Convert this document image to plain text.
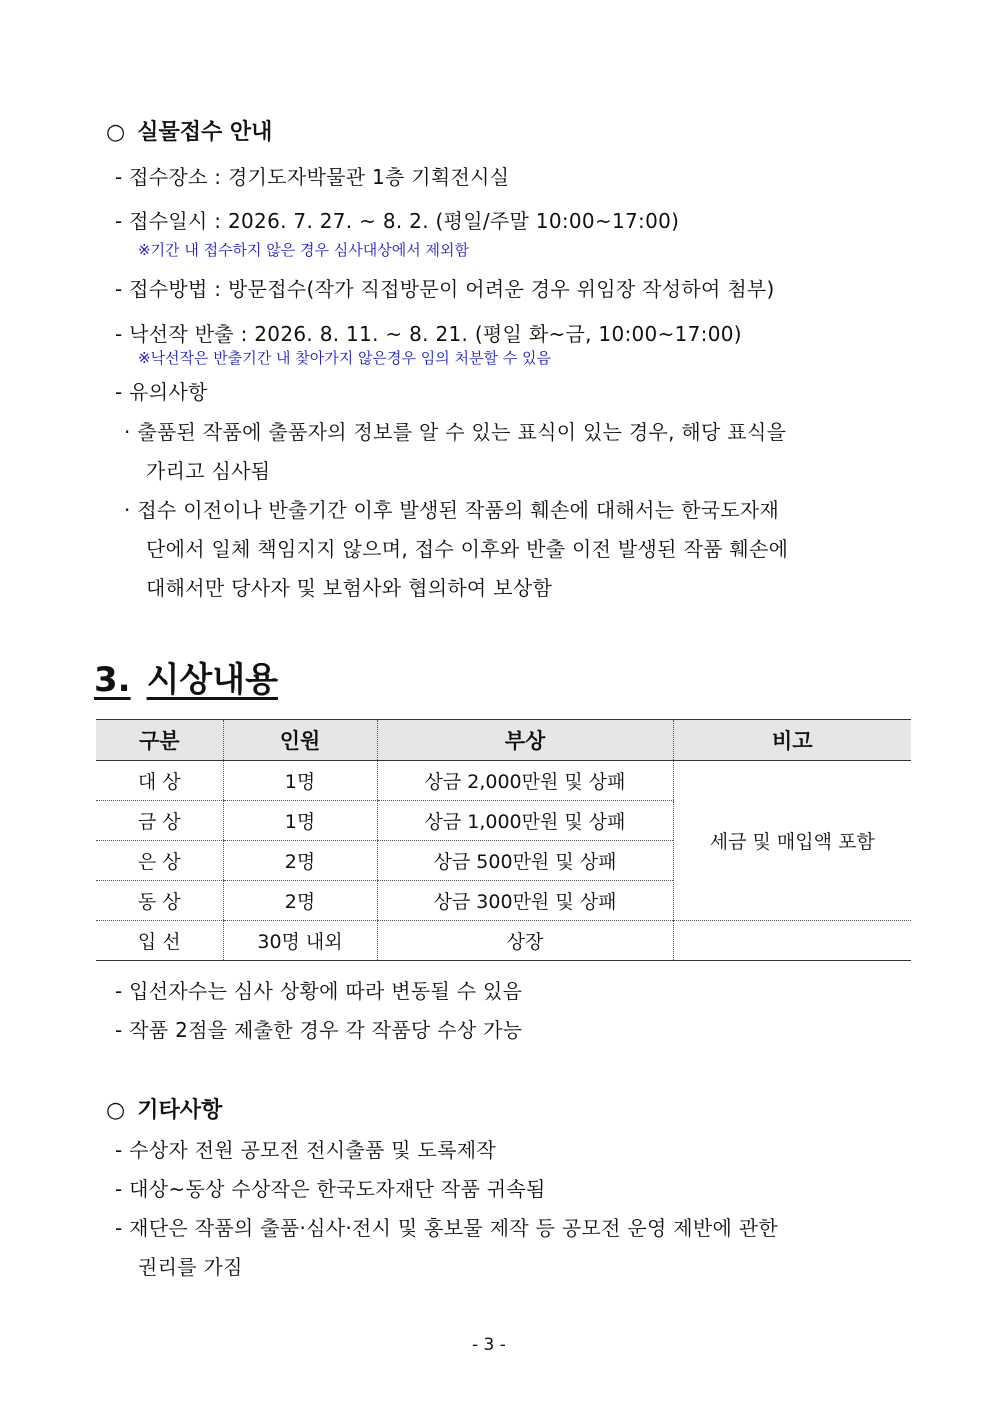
○ 실물접수 안내
- 접수장소 : 경기도자박물관 1층 기획전시실
- 접수일시 : 2026. 7. 27. ~ 8. 2. (평일/주말 10:00~17:00)
※기간 내 접수하지 않은 경우 심사대상에서 제외함
- 접수방법 : 방문접수(작가 직접방문이 어려운 경우 위임장 작성하여 첨부)
- 낙선작 반출 : 2026. 8. 11. ~ 8. 21. (평일 화~금, 10:00~17:00)
※낙선작은 반출기간 내 찾아가지 않은경우 임의 처분할 수 있음
- 유의사항
· 출품된 작품에 출품자의 정보를 알 수 있는 표식이 있는 경우, 해당 표식을
가리고 심사됨
· 접수 이전이나 반출기간 이후 발생된 작품의 훼손에 대해서는 한국도자재
단에서 일체 책임지지 않으며, 접수 이후와 반출 이전 발생된 작품 훼손에
대해서만 당사자 및 보험사와 협의하여 보상함
3. 시상내용
구분	인원	부상	비고
대 상	1명	상금 2,000만원 및 상패	세금 및 매입액 포함
금 상	1명	상금 1,000만원 및 상패	
은 상	2명	상금 500만원 및 상패	
동 상	2명	상금 300만원 및 상패	
입 선	30명 내외	상장	
- 입선자수는 심사 상황에 따라 변동될 수 있음
- 작품 2점을 제출한 경우 각 작품당 수상 가능
○ 기타사항
- 수상자 전원 공모전 전시출품 및 도록제작
- 대상~동상 수상작은 한국도자재단 작품 귀속됨
- 재단은 작품의 출품·심사·전시 및 홍보물 제작 등 공모전 운영 제반에 관한
권리를 가짐
- 3 -
